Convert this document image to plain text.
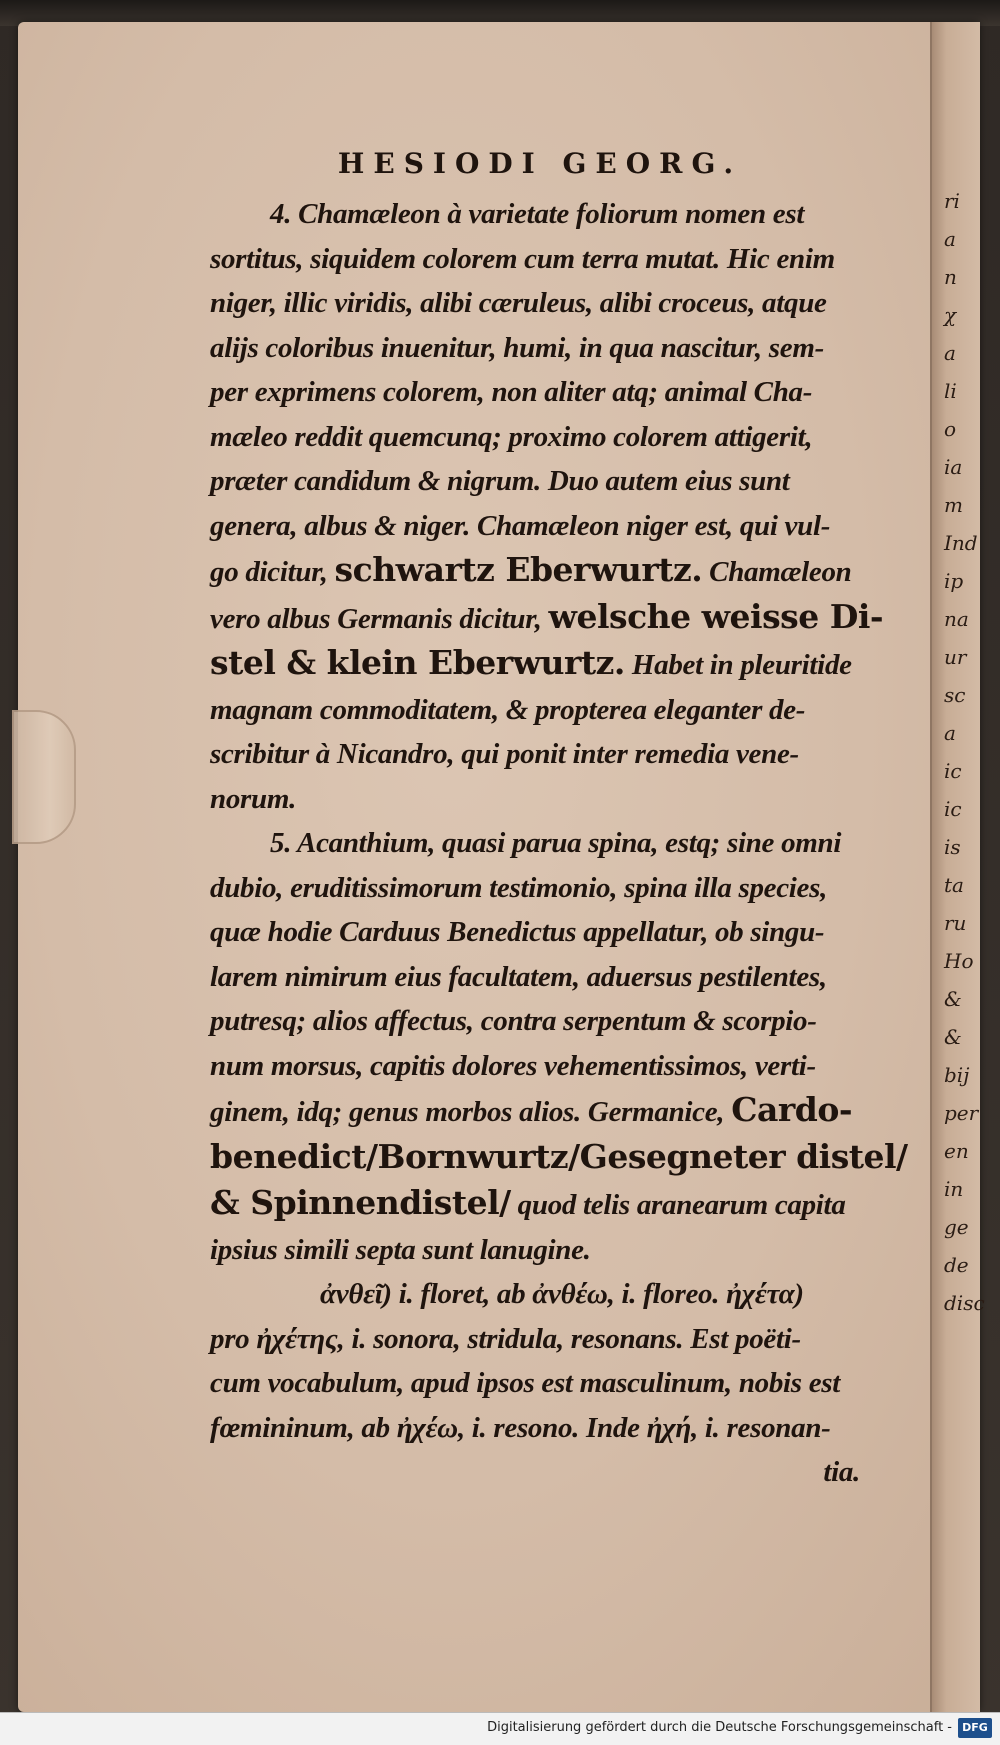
ri
a
n
χ
a
li
o
ia
m
Ind
ip
na
ur
sc
a
ic
ic
is
ta
ru
Ho
&
&
bij
per
en
in
ge
de
disc
HESIODI GEORG.
4. Chamæleon à varietate foliorum nomen est
sortitus, siquidem colorem cum terra mutat. Hic enim
niger, illic viridis, alibi cæruleus, alibi croceus, atque
alijs coloribus inuenitur, humi, in qua nascitur, sem-
per exprimens colorem, non aliter atq; animal Cha-
mæleo reddit quemcunq; proximo colorem attigerit,
præter candidum & nigrum. Duo autem eius sunt
genera, albus & niger. Chamæleon niger est, qui vul-
go dicitur, schwartz Eberwurtz. Chamæleon
vero albus Germanis dicitur, welsche weisse Di-
stel & klein Eberwurtz. Habet in pleuritide
magnam commoditatem, & propterea eleganter de-
scribitur à Nicandro, qui ponit inter remedia vene-
norum.
5. Acanthium, quasi parua spina, estq; sine omni
dubio, eruditissimorum testimonio, spina illa species,
quæ hodie Carduus Benedictus appellatur, ob singu-
larem nimirum eius facultatem, aduersus pestilentes,
putresq; alios affectus, contra serpentum & scorpio-
num morsus, capitis dolores vehementissimos, verti-
ginem, idq; genus morbos alios. Germanice, Cardo-
benedict/Bornwurtz/Gesegneter distel/
& Spinnendistel/ quod telis aranearum capita
ipsius simili septa sunt lanugine.
ἀνθεῖ) i. floret, ab ἀνθέω, i. floreo. ἠχέτα)
pro ἠχέτης, i. sonora, stridula, resonans. Est poëti-
cum vocabulum, apud ipsos est masculinum, nobis est
fœmininum, ab ἠχέω, i. resono. Inde ἠχή, i. resonan-
tia.
Digitalisierung gefördert durch die Deutsche Forschungsgemeinschaft - DFG
